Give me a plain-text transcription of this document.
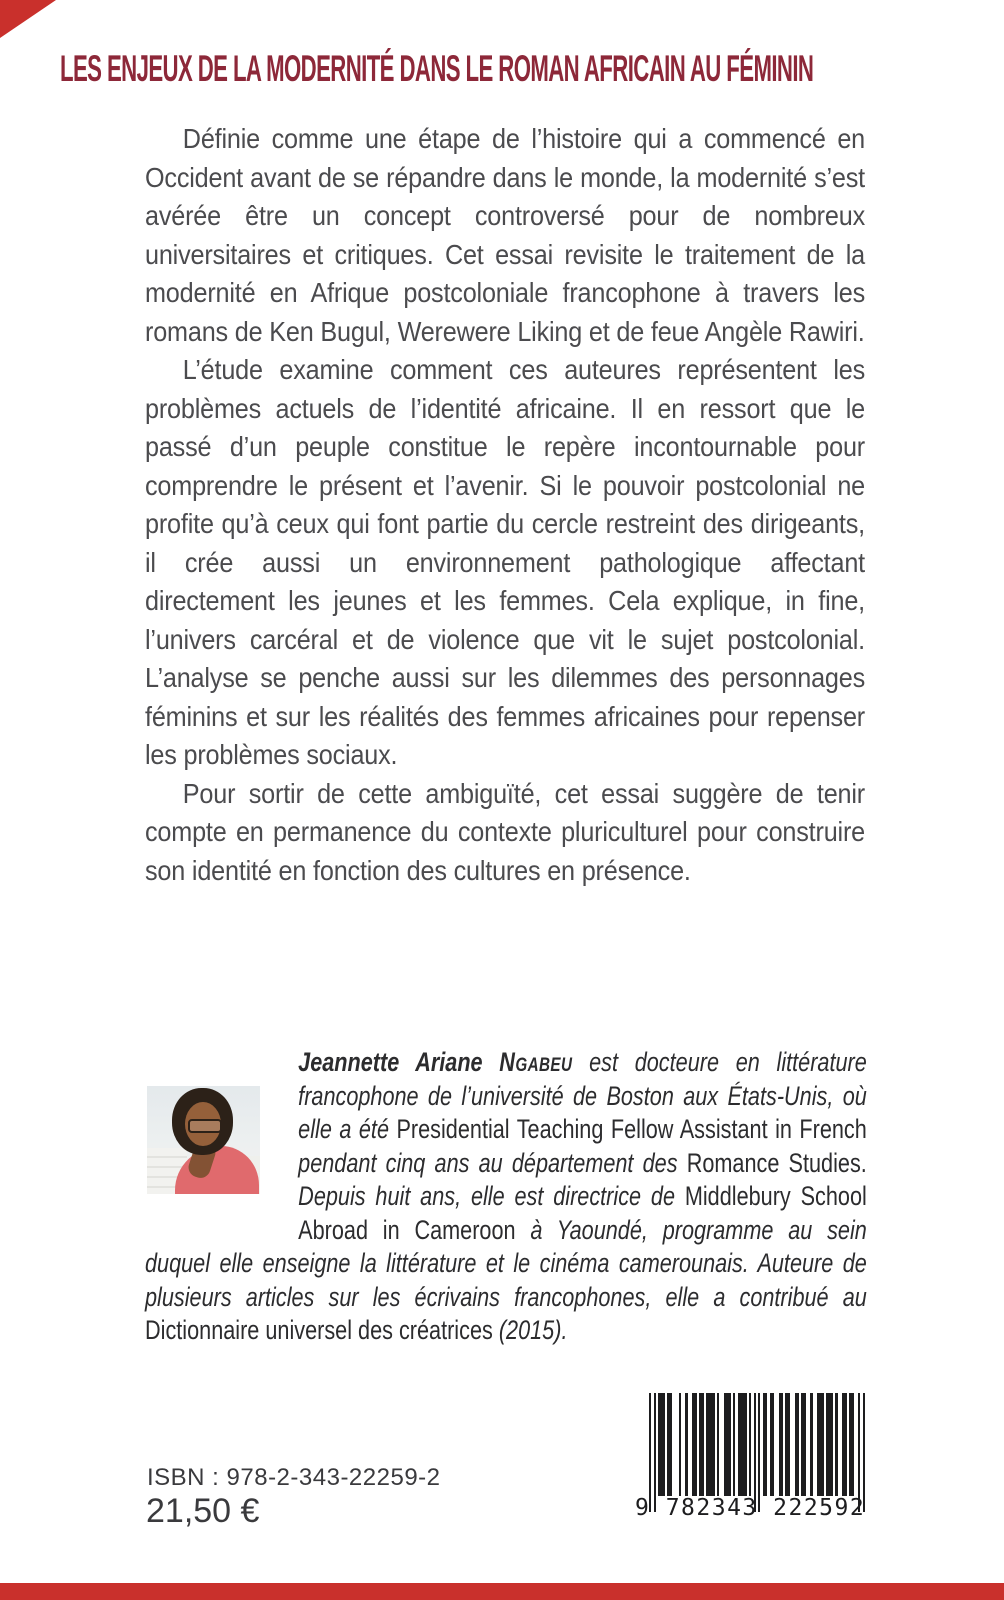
LES ENJEUX DE LA MODERNITÉ DANS LE ROMAN AFRICAIN AU FÉMININ

Définie comme une étape de l’histoire qui a commencé en Occident avant de se répandre dans le monde, la modernité s’est avérée être un concept controversé pour de nombreux universitaires et critiques. Cet essai revisite le traitement de la modernité en Afrique postcoloniale francophone à travers les romans de Ken Bugul, Werewere Liking et de feue Angèle Rawiri.

L’étude examine comment ces auteures représentent les problèmes actuels de l’identité africaine. Il en ressort que le passé d’un peuple constitue le repère incontournable pour comprendre le présent et l’avenir. Si le pouvoir postcolonial ne profite qu’à ceux qui font partie du cercle restreint des dirigeants, il crée aussi un environnement pathologique affectant directement les jeunes et les femmes. Cela explique, in fine, l’univers carcéral et de violence que vit le sujet postcolonial. L’analyse se penche aussi sur les dilemmes des personnages féminins et sur les réalités des femmes africaines pour repenser les problèmes sociaux.

Pour sortir de cette ambiguïté, cet essai suggère de tenir compte en permanence du contexte pluriculturel pour construire son identité en fonction des cultures en présence.

Jeannette Ariane Ngabeu est docteure en littérature francophone de l’université de Boston aux États-Unis, où elle a été Presidential Teaching Fellow Assistant in French pendant cinq ans au département des Romance Studies. Depuis huit ans, elle est directrice de Middlebury School Abroad in Cameroon à Yaoundé, programme au sein duquel elle enseigne la littérature et le cinéma camerounais. Auteure de plusieurs articles sur les écrivains francophones, elle a contribué au Dictionnaire universel des créatrices (2015).
ISBN : 978-2-343-22259-2
21,50 €	9 782343 222592
